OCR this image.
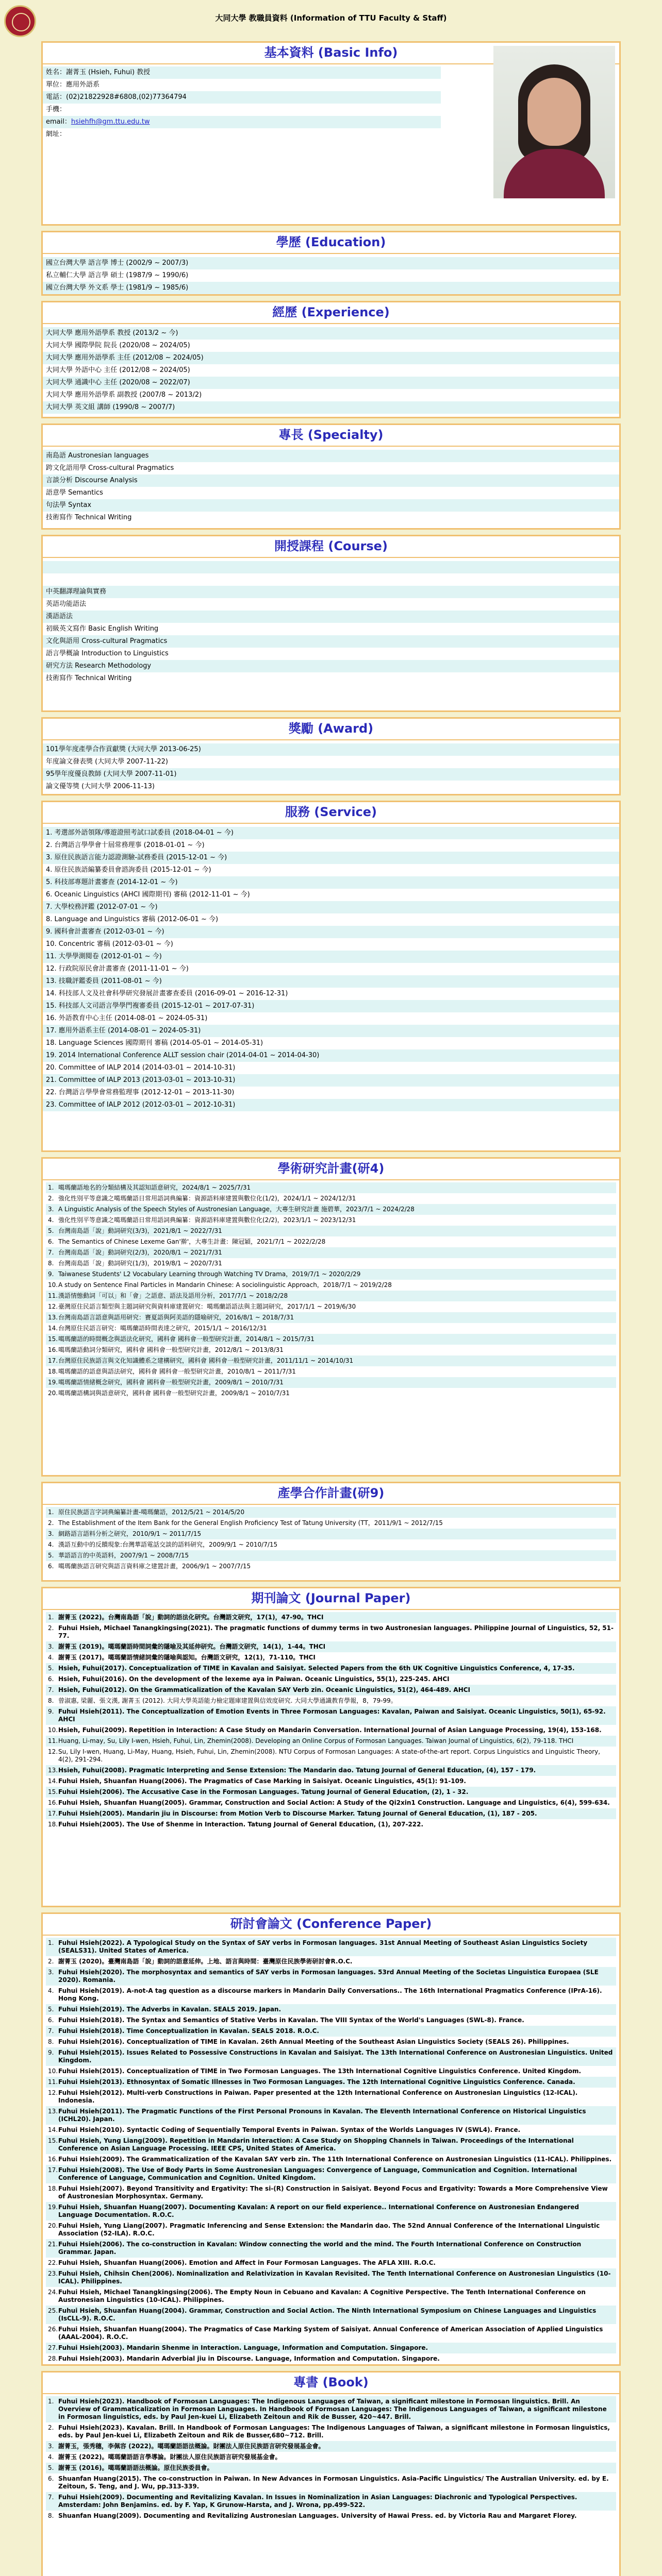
大同大學 教職員資料 (Information of TTU Faculty & Staff)
基本資料 (Basic Info)
姓名：謝菁玉 (Hsieh, Fuhui) 教授
單位：應用外語系
電話：(02)21822928#6808,(02)77364794
手機：
email：hsiehfh@gm.ttu.edu.tw
網址：
學歷 (Education)
國立台灣大學 語言學 博士 (2002/9 ~ 2007/3)
私立輔仁大學 語言學 碩士 (1987/9 ~ 1990/6)
國立台灣大學 外文系 學士 (1981/9 ~ 1985/6)
經歷 (Experience)
大同大學 應用外語學系 教授 (2013/2 ~ 今)
大同大學 國際學院 院長 (2020/08 ~ 2024/05)
大同大學 應用外語學系 主任 (2012/08 ~ 2024/05)
大同大學 外語中心 主任 (2012/08 ~ 2024/05)
大同大學 通識中心 主任 (2020/08 ~ 2022/07)
大同大學 應用外語學系 副教授 (2007/8 ~ 2013/2)
大同大學 英文組 講師 (1990/8 ~ 2007/7)
專長 (Specialty)
南島語 Austronesian languages
跨文化語用學 Cross-cultural Pragmatics
言談分析 Discourse Analysis
語意學 Semantics
句法學 Syntax
技術寫作 Technical Writing
開授課程 (Course)
中英翻譯理論與實務
英語功能語法
漢語語法
初級英文寫作 Basic English Writing
文化與語用 Cross-cultural Pragmatics
語言學概論 Introduction to Linguistics
研究方法 Research Methodology
技術寫作 Technical Writing
獎勵 (Award)
101學年度產學合作貢獻獎 (大同大學 2013-06-25)
年度論文發表獎 (大同大學 2007-11-22)
95學年度優良教師 (大同大學 2007-11-01)
論文優等獎 (大同大學 2006-11-13)
服務 (Service)
1. 考選部外語領隊/導遊證照考試口試委員 (2018-04-01 ~ 今)
2. 台灣語言學學會十屆常務理事 (2018-01-01 ~ 今)
3. 原住民族語言能力認證測驗-試務委員 (2015-12-01 ~ 今)
4. 原住民族語編纂委員會諮詢委員 (2015-12-01 ~ 今)
5. 科技部專題計畫審查 (2014-12-01 ~ 今)
6. Oceanic Linguistics (AHCI 國際期刊) 審稿 (2012-11-01 ~ 今)
7. 大學校務評鑑 (2012-07-01 ~ 今)
8. Language and Linguistics 審稿 (2012-06-01 ~ 今)
9. 國科會計畫審查 (2012-03-01 ~ 今)
10. Concentric 審稿 (2012-03-01 ~ 今)
11. 大學學測閱卷 (2012-01-01 ~ 今)
12. 行政院原民會計畫審查 (2011-11-01 ~ 今)
13. 技職評鑑委員 (2011-08-01 ~ 今)
14. 科技部人文及社會科學研究發展計畫審查委員 (2016-09-01 ~ 2016-12-31)
15. 科技部人文司語言學學門複審委員 (2015-12-01 ~ 2017-07-31)
16. 外語教育中心主任 (2014-08-01 ~ 2024-05-31)
17. 應用外語系主任 (2014-08-01 ~ 2024-05-31)
18. Language Sciences 國際期刊 審稿 (2014-05-01 ~ 2014-05-31)
19. 2014 International Conference ALLT session chair (2014-04-01 ~ 2014-04-30)
20. Committee of IALP 2014 (2014-03-01 ~ 2014-10-31)
21. Committee of IALP 2013 (2013-03-01 ~ 2013-10-31)
22. 台灣語言學學會常務監理事 (2012-12-01 ~ 2013-11-30)
23. Committee of IALP 2012 (2012-03-01 ~ 2012-10-31)
學術研究計畫(研4)
1. 噶瑪蘭語地名的分類結構及其認知語意研究，2024/8/1 ~ 2025/7/31
2. 強化性別平等意識之噶瑪蘭語日常用語詞典編纂：資源語料庫建置與數位化(1/2)，2024/1/1 ~ 2024/12/31
3. A Linguistic Analysis of the Speech Styles of Austronesian Language，大專生研究計畫 施碧華，2023/7/1 ~ 2024/2/28
4. 強化性別平等意識之噶瑪蘭語日常用語詞典編纂：資源語料庫建置與數位化(2/2)，2023/1/1 ~ 2023/12/31
5. 台灣南島語「說」動詞研究(3/3)，2021/8/1 ~ 2022/7/31
6. The Semantics of Chinese Lexeme Gan'擀'，大專生計畫：陳冠穎，2021/7/1 ~ 2022/2/28
7. 台灣南島語「說」動詞研究(2/3)，2020/8/1 ~ 2021/7/31
8. 台灣南島語「說」動詞研究(1/3)，2019/8/1 ~ 2020/7/31
9. Taiwanese Students' L2 Vocabulary Learning through Watching TV Drama，2019/7/1 ~ 2020/2/29
10. A study on Sentence Final Particles in Mandarin Chinese: A sociolinguistic Approach，2018/7/1 ~ 2019/2/28
11. 漢語情態動詞「可以」和「會」之語意、語法及語用分析，2017/7/1 ~ 2018/2/28
12. 臺灣原住民語言類型與主題詞研究與資料庫建置研究：噶瑪蘭語語法與主題詞研究，2017/1/1 ~ 2019/6/30
13. 台灣南島語言語意與語用研究：賽夏語與阿美語的隱喻研究，2016/8/1 ~ 2018/7/31
14. 台灣原住民語言研究：噶瑪蘭語時間表達之研究，2015/1/1 ~ 2016/12/31
15. 噶瑪蘭語的時間概念與語法化研究，國科會 國科會一般型研究計畫，2014/8/1 ~ 2015/7/31
16. 噶瑪蘭語動詞分類研究，國科會 國科會一般型研究計畫，2012/8/1 ~ 2013/8/31
17. 台灣原住民族語言與文化知識體系之建構研究，國科會 國科會一般型研究計畫，2011/11/1 ~ 2014/10/31
18. 噶瑪蘭語的語意與語法研究，國科會 國科會一般型研究計畫，2010/8/1 ~ 2011/7/31
19. 噶瑪蘭語情緒概念研究，國科會 國科會一般型研究計畫，2009/8/1 ~ 2010/7/31
20. 噶瑪蘭語構詞與語意研究，國科會 國科會一般型研究計畫，2009/8/1 ~ 2010/7/31
產學合作計畫(研9)
1. 原住民族語言字詞典編纂計畫-噶瑪蘭語，2012/5/21 ~ 2014/5/20
2. The Establishment of the Item Bank for the General English Proficiency Test of Tatung University (TT，2011/9/1 ~ 2012/7/15
3. 網路語言語料分析之研究，2010/9/1 ~ 2011/7/15
4. 漢語互動中的反饋現象:台灣華語電話交談的語料研究，2009/9/1 ~ 2010/7/15
5. 華語語言的中英語料，2007/9/1 ~ 2008/7/15
6. 噶瑪蘭族語言研究與語言資料庫之建置計畫，2006/9/1 ~ 2007/7/15
期刊論文 (Journal Paper)
1. 謝菁玉 (2022)。台灣南島語「說」動詞的語法化研究。台灣語文研究，17(1)，47-90。THCI
2. Fuhui Hsieh, Michael Tanangkingsing(2021). The pragmatic functions of dummy terms in two Austronesian languages. Philippine Journal of Linguistics, 52, 51-77.
3. 謝菁玉 (2019)。噶瑪蘭語時間詞彙的隱喻及其延伸研究。台灣語文研究，14(1)，1-44。THCI
4. 謝菁玉 (2017)。噶瑪蘭語情緒詞彙的隱喻與認知。台灣語文研究，12(1)，71-110。THCI
5. Hsieh, Fuhui(2017). Conceptualization of TIME in Kavalan and Saisiyat. Selected Papers from the 6th UK Cognitive Linguistics Conference, 4, 17-35.
6. Hsieh, Fuhui(2016). On the development of the lexeme aya in Paiwan. Oceanic Linguistics, 55(1), 225-245. AHCI
7. Hsieh, Fuhui(2012). On the Grammaticalization of the Kavalan SAY Verb zin. Oceanic Linguistics, 51(2), 464-489. AHCI
8. 曾淑惠, 梁麗、張文漢, 謝菁玉 (2012). 大同大學英語能力檢定題庫建置與信效度研究. 大同大學通識教育學報，8，79-99。
9. Fuhui Hsieh(2011). The Conceptualization of Emotion Events in Three Formosan Languages: Kavalan, Paiwan and Saisiyat. Oceanic Linguistics, 50(1), 65-92. AHCI
10. Hsieh, Fuhui(2009). Repetition in Interaction: A Case Study on Mandarin Conversation. International Journal of Asian Language Processing, 19(4), 153-168.
11. Huang, Li-may, Su, Lily I-wen, Hsieh, Fuhui, Lin, Zhemin(2008). Developing an Online Corpus of Formosan Languages. Taiwan Journal of Linguistics, 6(2), 79-118. THCI
12. Su, Lily I-wen, Huang, Li-May, Huang, Hsieh, Fuhui, Lin, Zhemin(2008). NTU Corpus of Formosan Languages: A state-of-the-art report. Corpus Linguistics and Linguistic Theory, 4(2), 291-294.
13. Hsieh, Fuhui(2008). Pragmatic Interpreting and Sense Extension: The Mandarin dao. Tatung Journal of General Education, (4), 157 - 179.
14. Fuhui Hsieh, Shuanfan Huang(2006). The Pragmatics of Case Marking in Saisiyat. Oceanic Linguistics, 45(1): 91-109.
15. Fuhui Hsieh(2006). The Accusative Case in the Formosan Languages. Tatung Journal of General Education, (2), 1 - 32.
16. Fuhui Hsieh, Shuanfan Huang(2005). Grammar, Construction and Social Action: A Study of the Qi2xin1 Construction. Language and Linguistics, 6(4), 599-634.
17. Fuhui Hsieh(2005). Mandarin jiu in Discourse: from Motion Verb to Discourse Marker. Tatung Journal of General Education, (1), 187 - 205.
18. Fuhui Hsieh(2005). The Use of Shenme in Interaction. Tatung Journal of General Education, (1), 207-222.
研討會論文 (Conference Paper)
1. Fuhui Hsieh(2022). A Typological Study on the Syntax of SAY verbs in Formosan languages. 31st Annual Meeting of Southeast Asian Linguistics Society (SEALS31). United States of America.
2. 謝菁玉 (2020)。臺灣南島語「說」動詞的語意延伸。上地、語言與時間：臺灣原住民族學術研討會R.O.C.
3. Fuhui Hsieh(2020). The morphosyntax and semantics of SAY verbs in Formosan languages. 53rd Annual Meeting of the Societas Linguistica Europaea (SLE 2020). Romania.
4. Fuhui Hsieh(2019). A-not-A tag question as a discourse markers in Mandarin Daily Conversations.. The 16th International Pragmatics Conference (IPrA-16). Hong Kong.
5. Fuhui Hsieh(2019). The Adverbs in Kavalan. SEALS 2019. Japan.
6. Fuhui Hsieh(2018). The Syntax and Semantics of Stative Verbs in Kavalan. The VIII Syntax of the World's Languages (SWL-8). France.
7. Fuhui Hsieh(2018). Time Conceptualization in Kavalan. SEALS 2018. R.O.C.
8. Fuhui Hsieh(2016). Conceptualization of TIME in Kavalan. 26th Annual Meeting of the Southeast Asian Linguistics Society (SEALS 26). Philippines.
9. Fuhui Hsieh(2015). Issues Related to Possessive Constructions in Kavalan and Saisiyat. The 13th International Conference on Austronesian Linguistics. United Kingdom.
10. Fuhui Hsieh(2015). Conceptualization of TIME in Two Formosan Languages. The 13th International Cognitive Linguistics Conference. United Kingdom.
11. Fuhui Hsieh(2013). Ethnosyntax of Somatic Illnesses in Two Formosan Languages. The 12th International Cognitive Linguistics Conference. Canada.
12. Fuhui Hsieh(2012). Multi-verb Constructions in Paiwan. Paper presented at the 12th International Conference on Austronesian Linguistics (12-ICAL). Indonesia.
13. Fuhui Hsieh(2011). The Pragmatic Functions of the First Personal Pronouns in Kavalan. The Eleventh International Conference on Historical Linguistics (ICHL20). Japan.
14. Fuhui Hsieh(2010). Syntactic Coding of Sequentially Temporal Events in Paiwan. Syntax of the Worlds Languages IV (SWL4). France.
15. Fuhui Hsieh, Yung Liang(2009). Repetition in Mandarin Interaction: A Case Study on Shopping Channels in Taiwan. Proceedings of the International Conference on Asian Language Processing. IEEE CPS, United States of America.
16. Fuhui Hsieh(2009). The Grammaticalization of the Kavalan SAY verb zin. The 11th International Conference on Austronesian Linguistics (11-ICAL). Philippines.
17. Fuhui Hsieh(2008). The Use of Body Parts in Some Austronesian Languages: Convergence of Language, Communication and Cognition. International Conference of Language, Communication and Cognition. United Kingdom.
18. Fuhui Hsieh(2007). Beyond Transitivity and Ergativity: The si-(R) Construction in Saisiyat. Beyond Focus and Ergativity: Towards a More Comprehensive View of Austronesian Morphosyntax. Germany.
19. Fuhui Hsieh, Shuanfan Huang(2007). Documenting Kavalan: A report on our field experience.. International Conference on Austronesian Endangered Language Documentation. R.O.C.
20. Fuhui Hsieh, Yung Liang(2007). Pragmatic Inferencing and Sense Extension: the Mandarin dao. The 52nd Annual Conference of the International Linguistic Association (52-ILA). R.O.C.
21. Fuhui Hsieh(2006). The co-construction in Kavalan: Window connecting the world and the mind. The Fourth International Conference on Construction Grammar. Japan.
22. Fuhui Hsieh, Shuanfan Huang(2006). Emotion and Affect in Four Formosan Languages. The AFLA XIII. R.O.C.
23. Fuhui Hsieh, Chihsin Chen(2006). Nominalization and Relativization in Kavalan Revisited. The Tenth International Conference on Austronesian Linguistics (10-ICAL). Philippines.
24. Fuhui Hsieh, Michael Tanangkingsing(2006). The Empty Noun in Cebuano and Kavalan: A Cognitive Perspective. The Tenth International Conference on Austronesian Linguistics (10-ICAL). Philippines.
25. Fuhui Hsieh, Shuanfan Huang(2004). Grammar, Construction and Social Action. The Ninth International Symposium on Chinese Languages and Linguistics (IsCLL-9). R.O.C.
26. Fuhui Hsieh, Shuanfan Huang(2004). The Pragmatics of Case Marking System of Saisiyat. Annual Conference of American Association of Applied Linguistics (AAAL-2004). R.O.C.
27. Fuhui Hsieh(2003). Mandarin Shenme in Interaction. Language, Information and Computation. Singapore.
28. Fuhui Hsieh(2003). Mandarin Adverbial jiu in Discourse. Language, Information and Computation. Singapore.
專書 (Book)
1. Fuhui Hsieh(2023). Handbook of Formosan Languages: The Indigenous Languages of Taiwan, a significant milestone in Formosan linguistics. Brill. An Overview of Grammaticalization in Formosan Languages. In Handbook of Formosan Languages: The Indigenous Languages of Taiwan, a significant milestone in Formosan linguistics, eds. by Paul Jen-kuei Li, Elizabeth Zeitoun and Rik de Busser, 420~447. Brill.
2. Fuhui Hsieh(2023). Kavalan. Brill. In Handbook of Formosan Languages: The Indigenous Languages of Taiwan, a significant milestone in Formosan linguistics, eds. by Paul Jen-kuei Li, Elizabeth Zeitoun and Rik de Busser,680~712. Brill.
3. 謝菁玉，張秀穗，李佩容 (2022)。噶瑪蘭語語法概論。財團法人原住民族語言研究發展基金會。
4. 謝菁玉 (2022)。噶瑪蘭語語言學導論。財團法人原住民族語言研究發展基金會。
5. 謝菁玉 (2016)。噶瑪蘭語語法概論。原住民族委員會。
6. Shuanfan Huang(2015). The co-construction in Paiwan. In New Advances in Formosan Linguistics. Asia-Pacific Linguistics/ The Australian University. ed. by E. Zeitoun, S. Teng, and J. Wu, pp.313-339.
7. Fuhui Hsieh(2009). Documenting and Revitalizing Kavalan. In Issues in Nominalization in Asian Languages: Diachronic and Typological Perspectives. Amsterdam: John Benjamins. ed. by F. Yap, K Grunow-Harsta, and J. Wrona, pp.499-522.
8. Shuanfan Huang(2009). Documenting and Revitalizing Austronesian Languages. University of Hawai Press. ed. by Victoria Rau and Margaret Florey.
